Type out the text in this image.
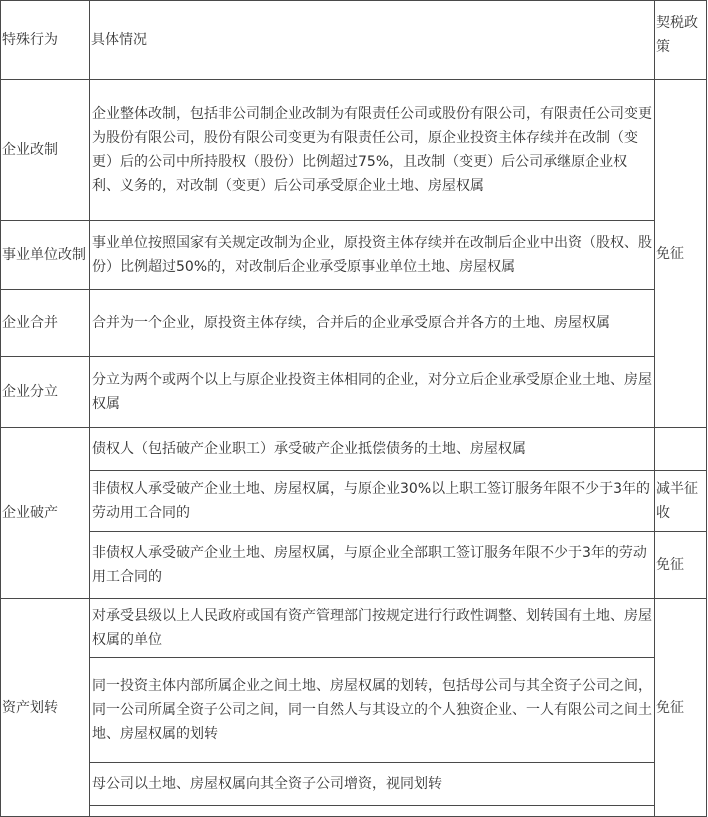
特殊行为	具体情况	契税政策
企业改制	企业整体改制，包括非公司制企业改制为有限责任公司或股份有限公司，有限责任公司变更为股份有限公司，股份有限公司变更为有限责任公司，原企业投资主体存续并在改制（变更）后的公司中所持股权（股份）比例超过75%，且改制（变更）后公司承继原企业权利、义务的，对改制（变更）后公司承受原企业土地、房屋权属	免征
事业单位改制	事业单位按照国家有关规定改制为企业，原投资主体存续并在改制后企业中出资（股权、股份）比例超过50%的，对改制后企业承受原事业单位土地、房屋权属	
企业合并	合并为一个企业，原投资主体存续，合并后的企业承受原合并各方的土地、房屋权属	
企业分立	分立为两个或两个以上与原企业投资主体相同的企业，对分立后企业承受原企业土地、房屋权属	
企业破产	债权人（包括破产企业职工）承受破产企业抵偿债务的土地、房屋权属	
	非债权人承受破产企业土地、房屋权属，与原企业30%以上职工签订服务年限不少于3年的劳动用工合同的	减半征收
	非债权人承受破产企业土地、房屋权属，与原企业全部职工签订服务年限不少于3年的劳动用工合同的	免征
资产划转	对承受县级以上人民政府或国有资产管理部门按规定进行行政性调整、划转国有土地、房屋权属的单位	免征
	同一投资主体内部所属企业之间土地、房屋权属的划转，包括母公司与其全资子公司之间，同一公司所属全资子公司之间，同一自然人与其设立的个人独资企业、一人有限公司之间土地、房屋权属的划转	
	母公司以土地、房屋权属向其全资子公司增资，视同划转	
